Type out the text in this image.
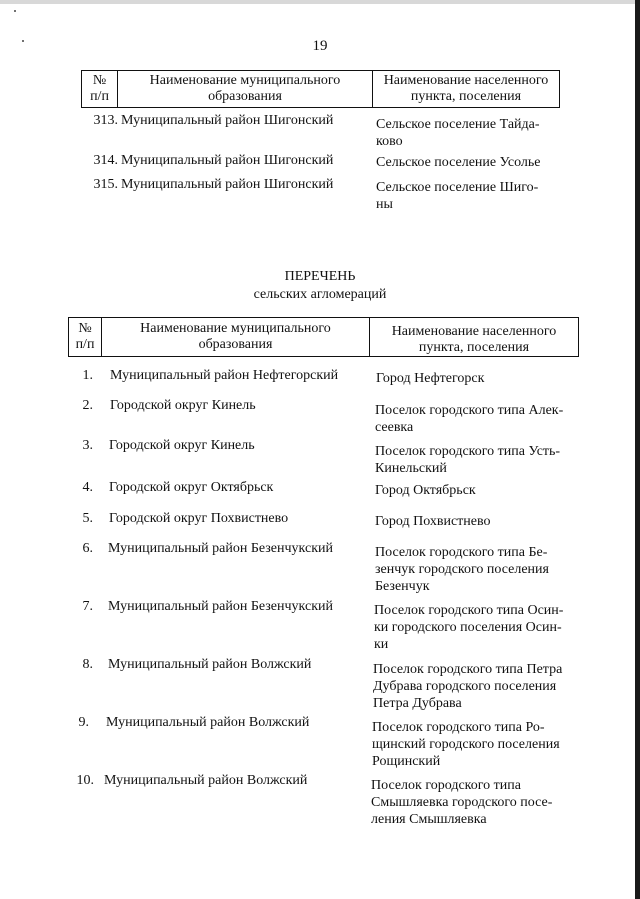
19
№
п/п

Наименование муниципального
образования

Наименование населенного
пункта, поселения
313. Муниципальный район Шигонский	Сельское поселение Тайда-
ково
314. Муниципальный район Шигонский	Сельское поселение Усолье
315. Муниципальный район Шигонский	Сельское поселение Шиго-
ны
ПЕРЕЧЕНЬ
сельских агломераций
№
п/п

Наименование муниципального
образования

Наименование населенного
пункта, поселения
1. Муниципальный район Нефтегорский	Город Нефтегорск
2. Городской округ Кинель	Поселок городского типа Алек-
сеевка
3. Городской округ Кинель	Поселок городского типа Усть-
Кинельский
4. Городской округ Октябрьск	Город Октябрьск
5. Городской округ Похвистнево	Город Похвистнево
6. Муниципальный район Безенчукский	Поселок городского типа Бе-
зенчук городского поселения
Безенчук
7. Муниципальный район Безенчукский	Поселок городского типа Осин-
ки городского поселения Осин-
ки
8. Муниципальный район Волжский	Поселок городского типа Петра
Дубрава городского поселения
Петра Дубрава
9. Муниципальный район Волжский	Поселок городского типа Ро-
щинский городского поселения
Рощинский
10. Муниципальный район Волжский	Поселок городского типа
Смышляевка городского посе-
ления Смышляевка
